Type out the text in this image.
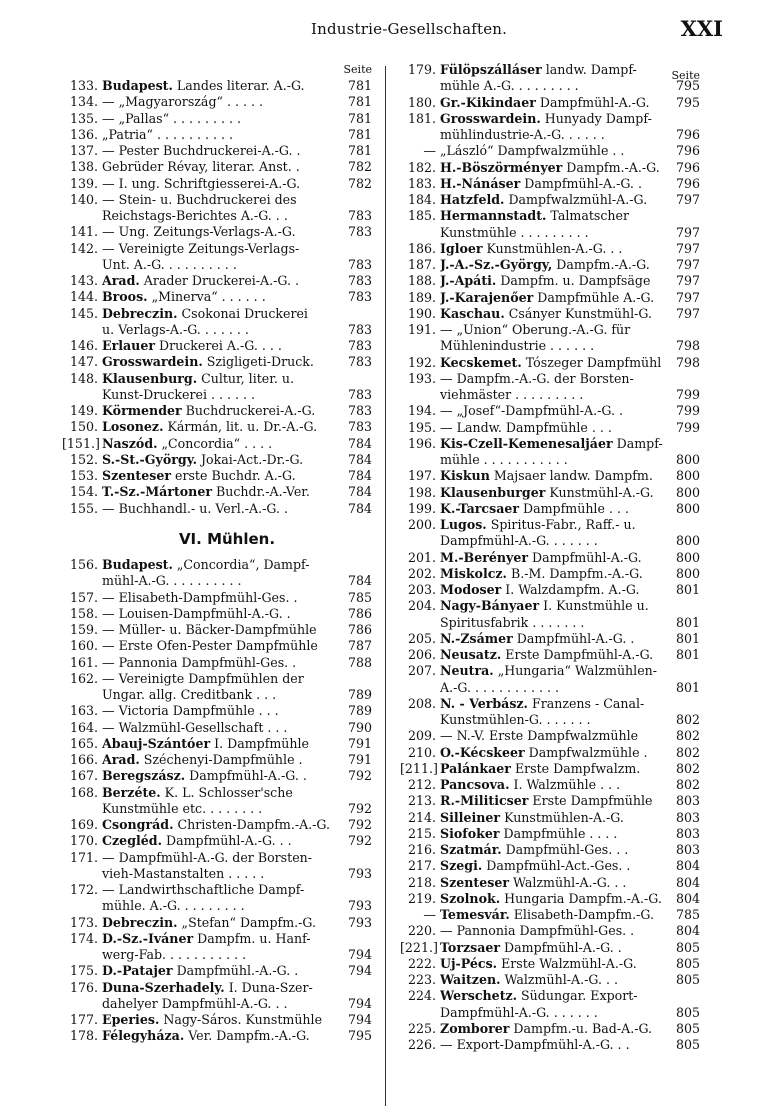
Industrie-Gesellschaften.	XXI
Seite
133. Budapest. Landes literar. A.-G.	781
134. — „Magyarország“ . . . . .	781
135. — „Pallas“ . . . . . . . . .	781
136. „Patria“ . . . . . . . . . .	781
137. — Pester Buchdruckerei-A.-G. .	781
138. Gebrüder Révay, literar. Anst. .	782
139. — I. ung. Schriftgiesserei-A.-G.	782
140. — Stein- u. Buchdruckerei des
Reichstags-Berichtes A.-G. . .	783
141. — Ung. Zeitungs-Verlags-A.-G.	783
142. — Vereinigte Zeitungs-Verlags-
Unt. A.-G. . . . . . . . . .	783
143. Arad. Arader Druckerei-A.-G. .	783
144. Broos. „Minerva“ . . . . . .	783
145. Debreczin. Csokonai Druckerei
u. Verlags-A.-G. . . . . . .	783
146. Erlauer Druckerei A.-G. . . .	783
147. Grosswardein. Szigligeti-Druck.	783
148. Klausenburg. Cultur, liter. u.
Kunst-Druckerei . . . . . .	783
149. Körmender Buchdruckerei-A.-G.	783
150. Losonez. Kármán, lit. u. Dr.-A.-G.	783
[151.] Naszód. „Concordia“ . . . .	784
152. S.-St.-György. Jokai-Act.-Dr.-G.	784
153. Szenteser erste Buchdr. A.-G.	784
154. T.-Sz.-Mártoner Buchdr.-A.-Ver.	784
155. — Buchhandl.- u. Verl.-A.-G. .	784
VI. Mühlen.
156. Budapest. „Concordia“, Dampf-
mühl-A.-G. . . . . . . . . .	784
157. — Elisabeth-Dampfmühl-Ges. .	785
158. — Louisen-Dampfmühl-A.-G. .	786
159. — Müller- u. Bäcker-Dampfmühle	786
160. — Erste Ofen-Pester Dampfmühle	787
161. — Pannonia Dampfmühl-Ges. .	788
162. — Vereinigte Dampfmühlen der
Ungar. allg. Creditbank . . .	789
163. — Victoria Dampfmühle . . .	789
164. — Walzmühl-Gesellschaft . . .	790
165. Abauj-Szántóer I. Dampfmühle	791
166. Arad. Széchenyi-Dampfmühle .	791
167. Beregszász. Dampfmühl-A.-G. .	792
168. Berzéte. K. L. Schlosser'sche
Kunstmühle etc. . . . . . . .	792
169. Csongrád. Christen-Dampfm.-A.-G.	792
170. Czegléd. Dampfmühl-A.-G. . .	792
171. — Dampfmühl-A.-G. der Borsten-
vieh-Mastanstalten . . . . .	793
172. — Landwirthschaftliche Dampf-
mühle. A.-G. . . . . . . . .	793
173. Debreczin. „Stefan“ Dampfm.-G.	793
174. D.-Sz.-Iváner Dampfm. u. Hanf-
werg-Fab. . . . . . . . . . .	794
175. D.-Patajer Dampfmühl.-A.-G. .	794
176. Duna-Szerhadely. I. Duna-Szer-
dahelyer Dampfmühl-A.-G. . .	794
177. Eperies. Nagy-Sáros. Kunstmühle	794
178. Félegyháza. Ver. Dampfm.-A.-G.	795
179. Fülöpszálláser landw. Dampf-	Seite
mühle A.-G. . . . . . . . .	795
180. Gr.-Kikindaer Dampfmühl-A.-G.	795
181. Grosswardein. Hunyady Dampf-
mühlindustrie-A.-G. . . . . .	796
— „László“ Dampfwalzmühle . .	796
182. H.-Böszörményer Dampfm.-A.-G.	796
183. H.-Nánáser Dampfmühl-A.-G. .	796
184. Hatzfeld. Dampfwalzmühl-A.-G.	797
185. Hermannstadt. Talmatscher
Kunstmühle . . . . . . . . .	797
186. Igloer Kunstmühlen-A.-G. . .	797
187. J.-A.-Sz.-György, Dampfm.-A.-G.	797
188. J.-Apáti. Dampfm. u. Dampfsäge	797
189. J.-Karajenőer Dampfmühle A.-G.	797
190. Kaschau. Csányer Kunstmühl-G.	797
191. — „Union“ Oberung.-A.-G. für
Mühlenindustrie . . . . . .	798
192. Kecskemet. Tószeger Dampfmühl	798
193. — Dampfm.-A.-G. der Borsten-
viehmäster . . . . . . . . .	799
194. — „Josef“-Dampfmühl-A.-G. .	799
195. — Landw. Dampfmühle . . .	799
196. Kis-Czell-Kemenesaljáer Dampf-
mühle . . . . . . . . . . .	800
197. Kiskun Majsaer landw. Dampfm.	800
198. Klausenburger Kunstmühl-A.-G.	800
199. K.-Tarcsaer Dampfmühle . . .	800
200. Lugos. Spiritus-Fabr., Raff.- u.
Dampfmühl-A.-G. . . . . . .	800
201. M.-Berényer Dampfmühl-A.-G.	800
202. Miskolcz. B.-M. Dampfm.-A.-G.	800
203. Modoser I. Walzdampfm. A.-G.	801
204. Nagy-Bányaer I. Kunstmühle u.
Spiritusfabrik . . . . . . .	801
205. N.-Zsámer Dampfmühl-A.-G. .	801
206. Neusatz. Erste Dampfmühl-A.-G.	801
207. Neutra. „Hungaria“ Walzmühlen-
A.-G. . . . . . . . . . . .	801
208. N. - Verbász. Franzens - Canal-
Kunstmühlen-G. . . . . . .	802
209. — N.-V. Erste Dampfwalzmühle	802
210. O.-Kécskeer Dampfwalzmühle .	802
[211.] Palánkaer Erste Dampfwalzm.	802
212. Pancsova. I. Walzmühle . . .	802
213. R.-Militicser Erste Dampfmühle	803
214. Silleiner Kunstmühlen-A.-G.	803
215. Siofoker Dampfmühle . . . .	803
216. Szatmár. Dampfmühl-Ges. . .	803
217. Szegi. Dampfmühl-Act.-Ges. .	804
218. Szenteser Walzmühl-A.-G. . .	804
219. Szolnok. Hungaria Dampfm.-A.-G.	804
— Temesvár. Elisabeth-Dampfm.-G.	785
220. — Pannonia Dampfmühl-Ges. .	804
[221.] Torzsaer Dampfmühl-A.-G. .	805
222. Uj-Pécs. Erste Walzmühl-A.-G.	805
223. Waitzen. Walzmühl-A.-G. . .	805
224. Werschetz. Südungar. Export-
Dampfmühl-A.-G. . . . . . .	805
225. Zomborer Dampfm.-u. Bad-A.-G.	805
226. — Export-Dampfmühl-A.-G. . .	805
